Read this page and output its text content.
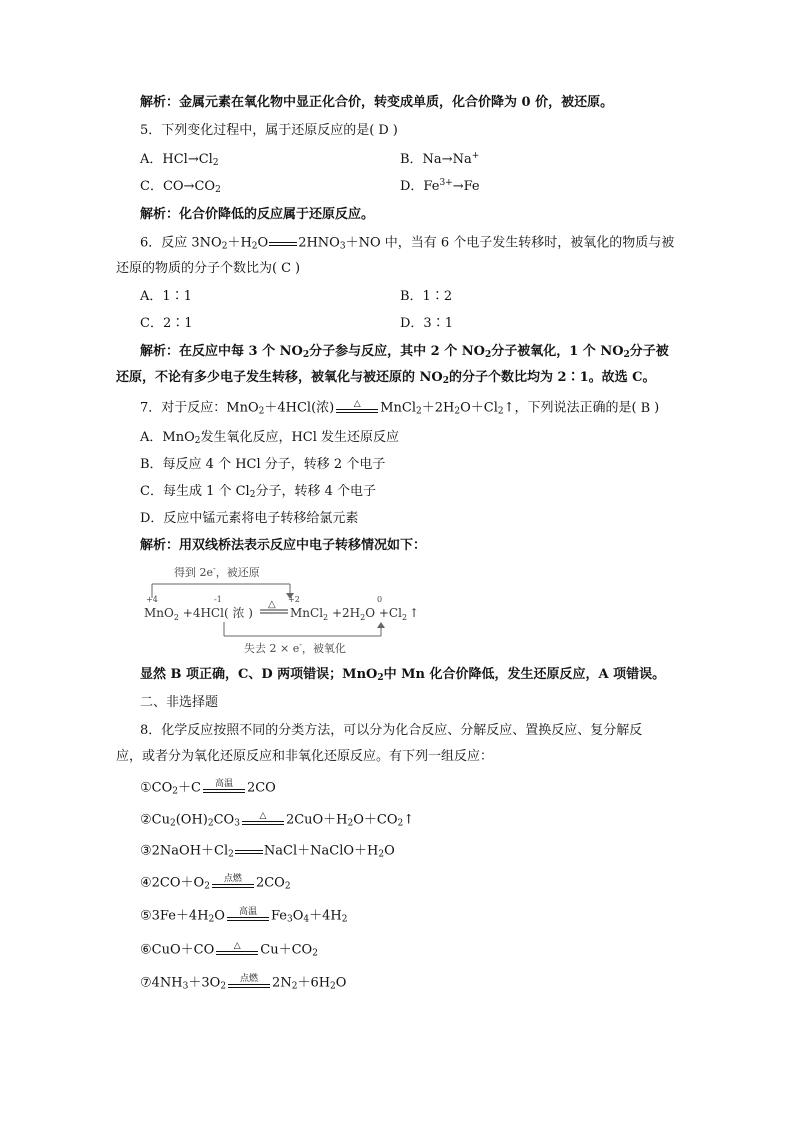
解析：金属元素在氧化物中显正化合价，转变成单质，化合价降为 0 价，被还原。
5．下列变化过程中，属于还原反应的是( D )
A．$HCl\to Cl_2$	B．Na→Na+
C．$CO\to CO_2$	D．$Fe^{3+}\to Fe$
解析：化合价降低的反应属于还原反应。
6．反应 $3NO_2+H_2O$ $2HNO_3+NO$ 中，当有 6 个电子发生转移时，被氧化的物质与被
还原的物质的分子个数比为( C )
A．1∶1	B．1∶2
C．2∶1	D．3∶1
解析：在反应中每 3 个 $NO_2$分子参与反应，其中 2 个 $NO_2$分子被氧化，1 个 $NO_2$分子被
还原，不论有多少电子发生转移，被氧化与被还原的 $NO_2$的分子个数比均为 2∶1。故选 C。
7．对于反应：MnO$_2$＋4HCl(浓)	△	$MnCl_2+2H_2O+Cl_2↑$，下列说法正确的是( B )
A．MnO$_2$发生氧化反应，HCl 发生还原反应
B．每反应 4 个 HCl 分子，转移 2 个电子
C．每生成 1 个 $Cl_2$分子，转移 4 个电子
D．反应中锰元素将电子转移给氯元素
解析：用双线桥法表示反应中电子转移情况如下：
得到 2e-，被还原
+4	-1	+2	0
MnO$_2$ +4HCl( 浓 )
△
MnCl$_2$ $+2H_2O +Cl_2$ ↑
失去 2 × e-，被氧化
显然 B 项正确，C、D 两项错误；MnO$_2$中 Mn 化合价降低，发生还原反应，A 项错误。
二、非选择题
8．化学反应按照不同的分类方法，可以分为化合反应、分解反应、置换反应、复分解反
应，或者分为氧化还原反应和非氧化还原反应。有下列一组反应：
$①CO_2+C$	高温	2CO
$②Cu_2(OH)_2CO_3$
△	$2CuO+H_2O+CO_2↑$
$③2NaOH+Cl_2$ $NaCl+NaClO+H_2O$
$④2CO+O_2$
点燃	$2CO_2$
$⑤3Fe+4H_2O$	高温	$Fe_3O_4+4H_2$
⑥CuO＋CO	△	$Cu+CO_2$
$⑦4NH_3+3O_2$
点燃	$2N_2+6H_2O$
